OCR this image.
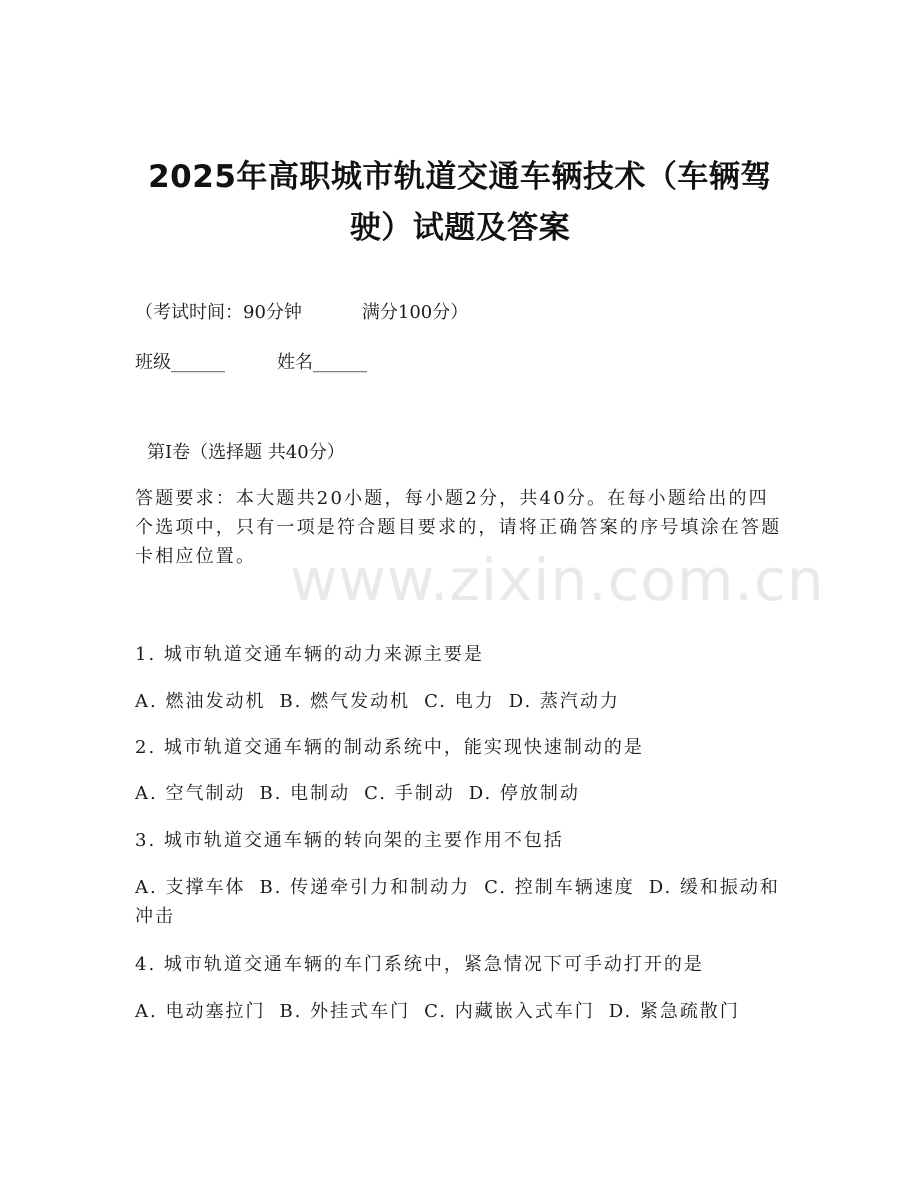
2025年高职城市轨道交通车辆技术（车辆驾
驶）试题及答案
（考试时间：90分钟	满分100分）
班级______	姓名______
第I卷（选择题 共40分）
答题要求：本大题共20小题，每小题2分，共40分。在每小题给出的四个选项中，只有一项是符合题目要求的，请将正确答案的序号填涂在答题卡相应位置。 www.zixin.com.cn
1. 城市轨道交通车辆的动力来源主要是
A. 燃油发动机 B. 燃气发动机 C. 电力 D. 蒸汽动力
2. 城市轨道交通车辆的制动系统中，能实现快速制动的是
A. 空气制动 B. 电制动 C. 手制动 D. 停放制动
3. 城市轨道交通车辆的转向架的主要作用不包括
A. 支撑车体 B. 传递牵引力和制动力 C. 控制车辆速度 D. 缓和振动和冲击
4. 城市轨道交通车辆的车门系统中，紧急情况下可手动打开的是
A. 电动塞拉门 B. 外挂式车门 C. 内藏嵌入式车门 D. 紧急疏散门
